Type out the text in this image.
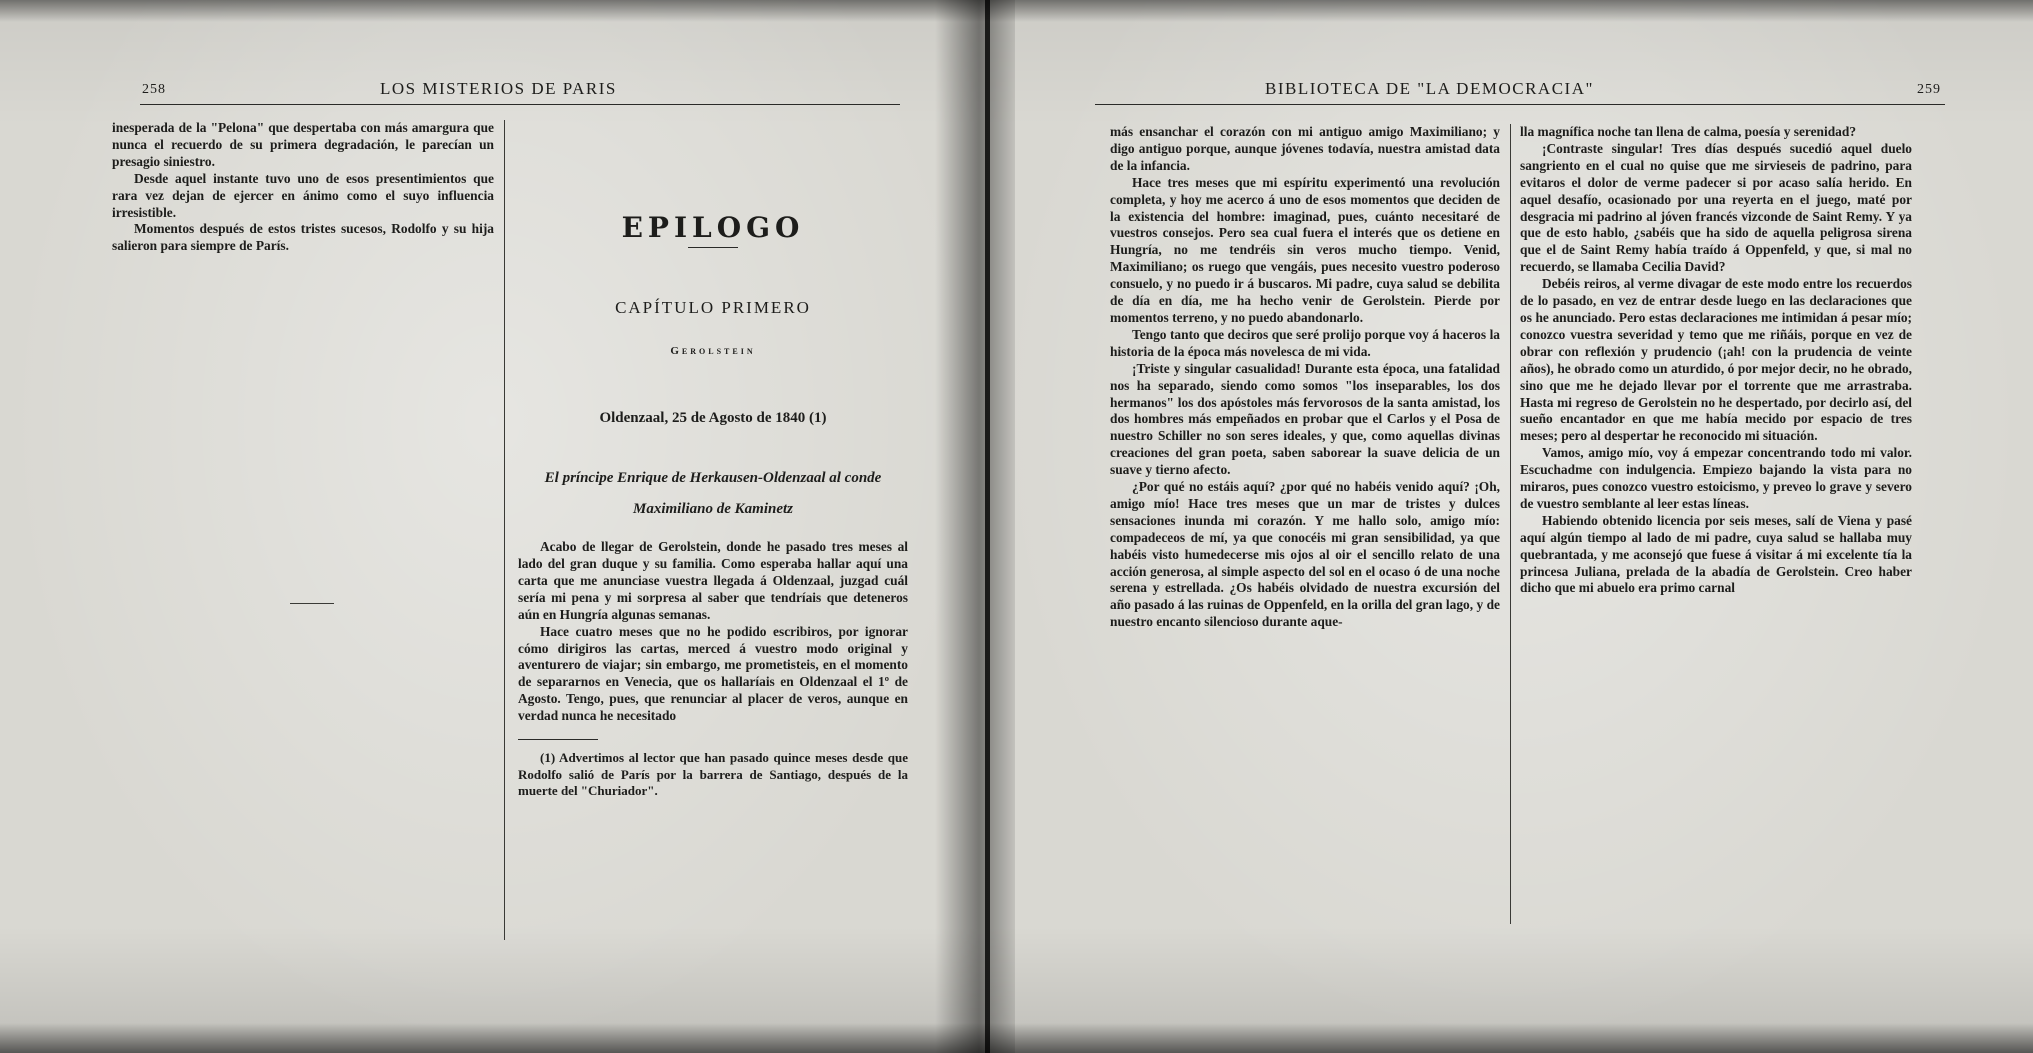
258	LOS MISTERIOS DE PARIS

inesperada de la "Pelona" que despertaba con más amargura que nunca el recuerdo de su primera degradación, le parecían un presagio siniestro.

Desde aquel instante tuvo uno de esos presentimientos que rara vez dejan de ejercer en ánimo como el suyo influencia irresistible.

Momentos después de estos tristes sucesos, Rodolfo y su hija salieron para siempre de París.

EPILOGO
CAPÍTULO PRIMERO
Gerolstein
Oldenzaal, 25 de Agosto de 1840 (1)
El príncipe Enrique de Herkausen-Oldenzaal al conde Maximiliano de Kaminetz

Acabo de llegar de Gerolstein, donde he pasado tres meses al lado del gran duque y su familia. Como esperaba hallar aquí una carta que me anunciase vuestra llegada á Oldenzaal, juzgad cuál sería mi pena y mi sorpresa al saber que tendríais que deteneros aún en Hungría algunas semanas.

Hace cuatro meses que no he podido escribiros, por ignorar cómo dirigiros las cartas, merced á vuestro modo original y aventurero de viajar; sin embargo, me prometisteis, en el momento de separarnos en Venecia, que os hallaríais en Oldenzaal el 1º de Agosto. Tengo, pues, que renunciar al placer de veros, aunque en verdad nunca he necesitado

(1) Advertimos al lector que han pasado quince meses desde que Rodolfo salió de París por la barrera de Santiago, después de la muerte del "Churiador".

BIBLIOTECA DE "LA DEMOCRACIA"	259

más ensanchar el corazón con mi antiguo amigo Maximiliano; y digo antiguo porque, aunque jóvenes todavía, nuestra amistad data de la infancia.

Hace tres meses que mi espíritu experimentó una revolución completa, y hoy me acerco á uno de esos momentos que deciden de la existencia del hombre: imaginad, pues, cuánto necesitaré de vuestros consejos. Pero sea cual fuera el interés que os detiene en Hungría, no me tendréis sin veros mucho tiempo. Venid, Maximiliano; os ruego que vengáis, pues necesito vuestro poderoso consuelo, y no puedo ir á buscaros. Mi padre, cuya salud se debilita de día en día, me ha hecho venir de Gerolstein. Pierde por momentos terreno, y no puedo abandonarlo.

Tengo tanto que deciros que seré prolijo porque voy á haceros la historia de la época más novelesca de mi vida.

¡Triste y singular casualidad! Durante esta época, una fatalidad nos ha separado, siendo como somos "los inseparables, los dos hermanos" los dos apóstoles más fervorosos de la santa amistad, los dos hombres más empeñados en probar que el Carlos y el Posa de nuestro Schiller no son seres ideales, y que, como aquellas divinas creaciones del gran poeta, saben saborear la suave delicia de un suave y tierno afecto.

¿Por qué no estáis aquí? ¿por qué no habéis venido aquí? ¡Oh, amigo mío! Hace tres meses que un mar de tristes y dulces sensaciones inunda mi corazón. Y me hallo solo, amigo mío: compadeceos de mí, ya que conocéis mi gran sensibilidad, ya que habéis visto humedecerse mis ojos al oir el sencillo relato de una acción generosa, al simple aspecto del sol en el ocaso ó de una noche serena y estrellada. ¿Os habéis olvidado de nuestra excursión del año pasado á las ruinas de Oppenfeld, en la orilla del gran lago, y de nuestro encanto silencioso durante aque-

lla magnífica noche tan llena de calma, poesía y serenidad?

¡Contraste singular! Tres días después sucedió aquel duelo sangriento en el cual no quise que me sirvieseis de padrino, para evitaros el dolor de verme padecer si por acaso salía herido. En aquel desafío, ocasionado por una reyerta en el juego, maté por desgracia mi padrino al jóven francés vizconde de Saint Remy. Y ya que de esto hablo, ¿sabéis que ha sido de aquella peligrosa sirena que el de Saint Remy había traído á Oppenfeld, y que, si mal no recuerdo, se llamaba Cecilia David?

Debéis reiros, al verme divagar de este modo entre los recuerdos de lo pasado, en vez de entrar desde luego en las declaraciones que os he anunciado. Pero estas declaraciones me intimidan á pesar mío; conozco vuestra severidad y temo que me riñáis, porque en vez de obrar con reflexión y prudencio (¡ah! con la prudencia de veinte años), he obrado como un aturdido, ó por mejor decir, no he obrado, sino que me he dejado llevar por el torrente que me arrastraba. Hasta mi regreso de Gerolstein no he despertado, por decirlo así, del sueño encantador en que me había mecido por espacio de tres meses; pero al despertar he reconocido mi situación.

Vamos, amigo mío, voy á empezar concentrando todo mi valor. Escuchadme con indulgencia. Empiezo bajando la vista para no miraros, pues conozco vuestro estoicismo, y preveo lo grave y severo de vuestro semblante al leer estas líneas.

Habiendo obtenido licencia por seis meses, salí de Viena y pasé aquí algún tiempo al lado de mi padre, cuya salud se hallaba muy quebrantada, y me aconsejó que fuese á visitar á mi excelente tía la princesa Juliana, prelada de la abadía de Gerolstein. Creo haber dicho que mi abuelo era primo carnal
